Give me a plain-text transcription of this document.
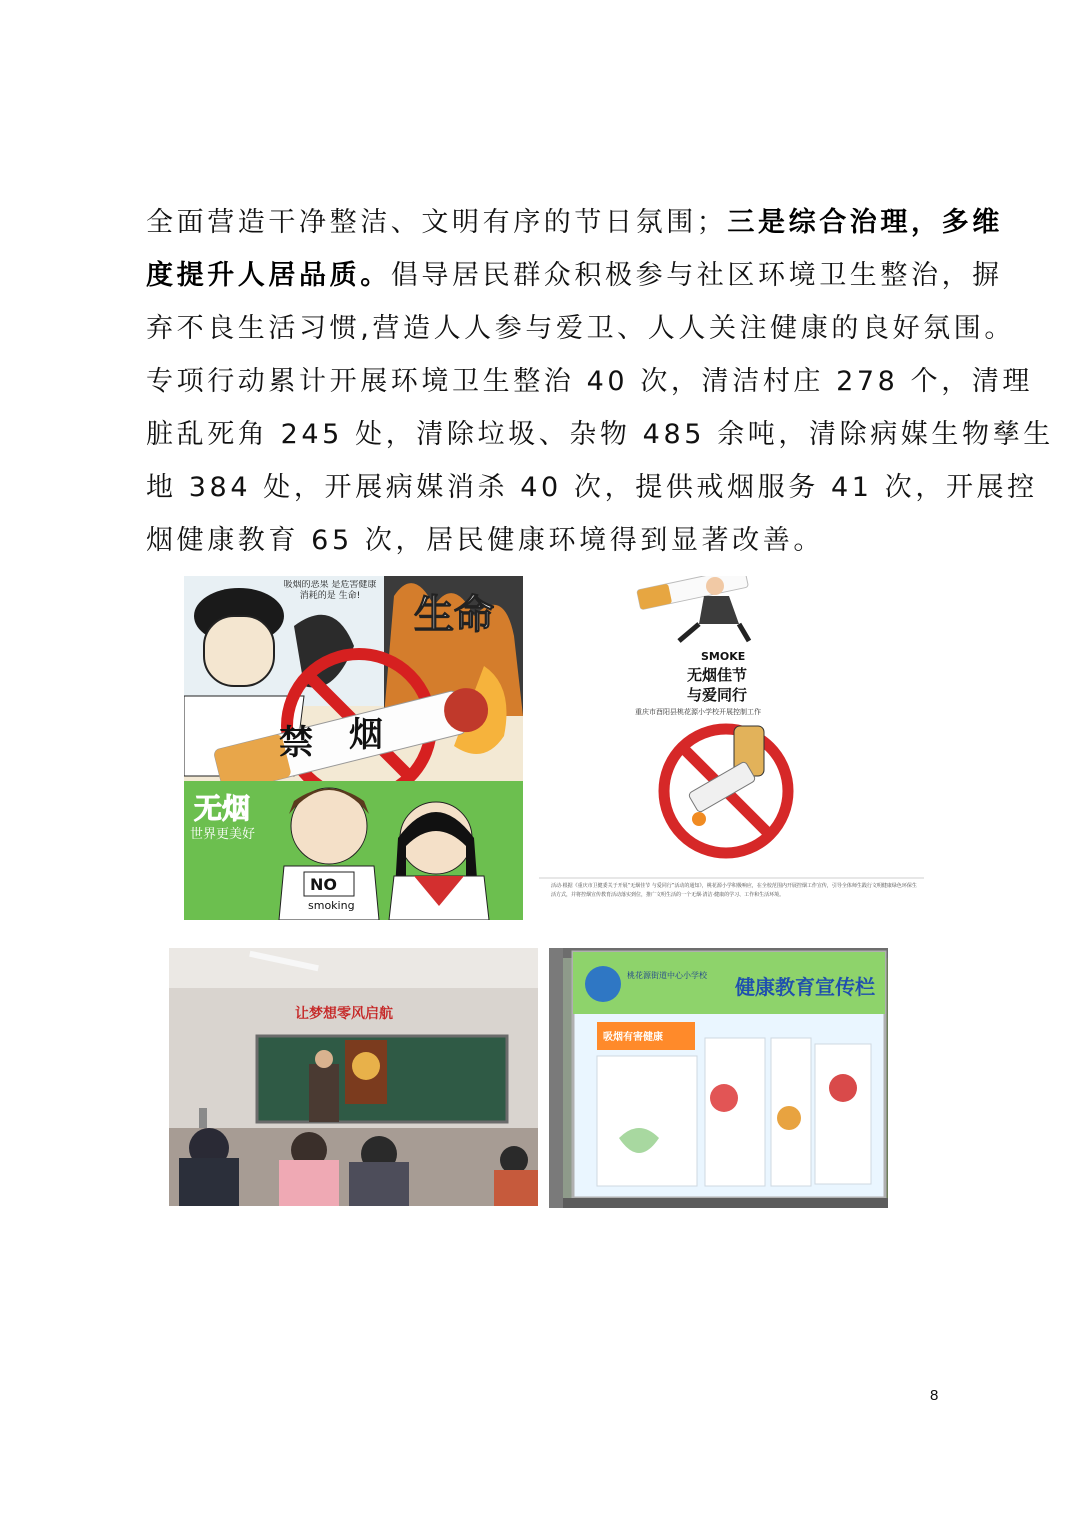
全面营造干净整洁、文明有序的节日氛围；三是综合治理，多维
度提升人居品质。倡导居民群众积极参与社区环境卫生整治，摒
弃不良生活习惯,营造人人参与爱卫、人人关注健康的良好氛围。
专项行动累计开展环境卫生整治 40 次，清洁村庄 278 个，清理
脏乱死角 245 处，清除垃圾、杂物 485 余吨，清除病媒生物孳生
地 384 处，开展病媒消杀 40 次，提供戒烟服务 41 次，开展控
烟健康教育 65 次，居民健康环境得到显著改善。
禁 烟
生命
吸烟的恶果 是危害健康 消耗的是 生命!
NO
smoking
无烟
世界更美好
SMOKE
无烟佳节
与爱同行
重庆市酉阳县桃花源小学校开展控制工作
活动·根据《重庆市卫健委关于开展“无烟佳节 与爱同行”活动的通知》，桃花源小学积极响应，在全校范围内开展控烟工作宣传，引导全体师生践行文明健康绿色环保生活方式，并将控烟宣传教育活动落实到位，推广文明生活的一个无烟·清洁·健康的学习、工作和生活环境。
让梦想零风启航
桃花源街道中心小学校 健康教育宣传栏
吸烟有害健康
8
